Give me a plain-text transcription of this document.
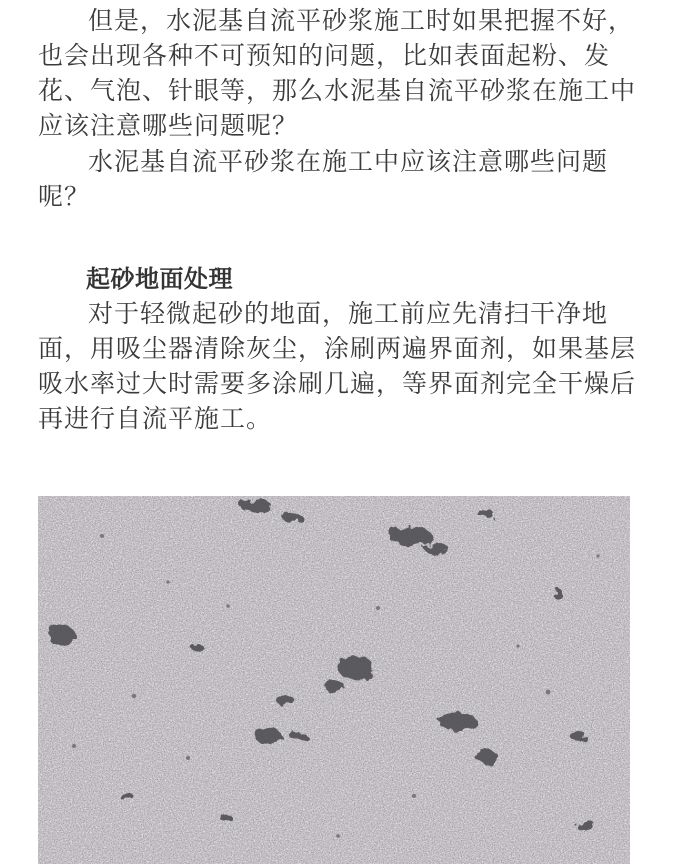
但是，水泥基自流平砂浆施工时如果把握不好，也会出现各种不可预知的问题，比如表面起粉、发花、气泡、针眼等，那么水泥基自流平砂浆在施工中应该注意哪些问题呢？

水泥基自流平砂浆在施工中应该注意哪些问题呢？

起砂地面处理

对于轻微起砂的地面，施工前应先清扫干净地面，用吸尘器清除灰尘，涂刷两遍界面剂，如果基层吸水率过大时需要多涂刷几遍，等界面剂完全干燥后再进行自流平施工。
